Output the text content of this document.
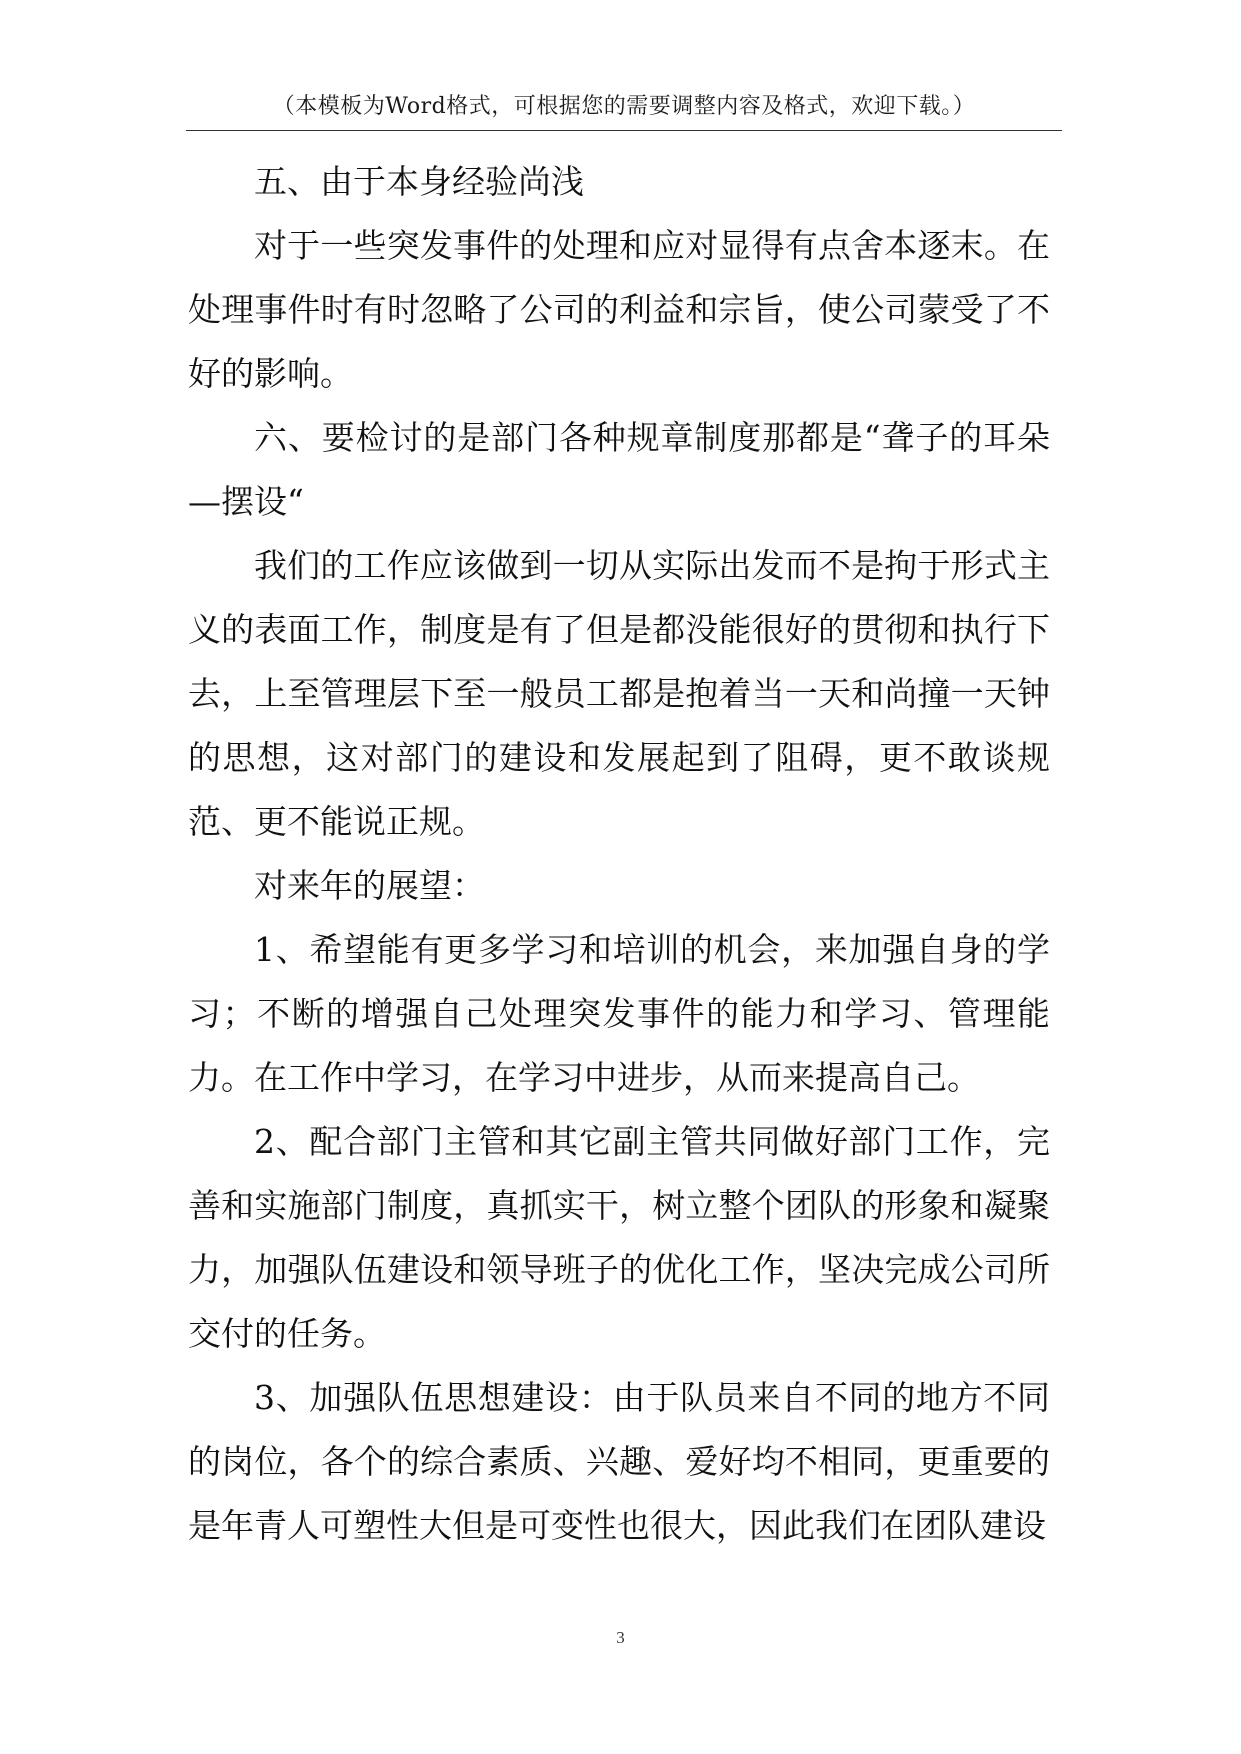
（本模板为Word格式，可根据您的需要调整内容及格式，欢迎下载。）

五、由于本身经验尚浅

对于一些突发事件的处理和应对显得有点舍本逐末。在处理事件时有时忽略了公司的利益和宗旨，使公司蒙受了不好的影响。

六、要检讨的是部门各种规章制度那都是“聋子的耳朵—摆设“

我们的工作应该做到一切从实际出发而不是拘于形式主义的表面工作，制度是有了但是都没能很好的贯彻和执行下去，上至管理层下至一般员工都是抱着当一天和尚撞一天钟的思想，这对部门的建设和发展起到了阻碍，更不敢谈规范、更不能说正规。

对来年的展望：

1、希望能有更多学习和培训的机会，来加强自身的学习；不断的增强自己处理突发事件的能力和学习、管理能力。在工作中学习，在学习中进步，从而来提高自己。

2、配合部门主管和其它副主管共同做好部门工作，完善和实施部门制度，真抓实干，树立整个团队的形象和凝聚力，加强队伍建设和领导班子的优化工作，坚决完成公司所交付的任务。

3、加强队伍思想建设：由于队员来自不同的地方不同的岗位，各个的综合素质、兴趣、爱好均不相同，更重要的是年青人可塑性大但是可变性也很大，因此我们在团队建设

3
